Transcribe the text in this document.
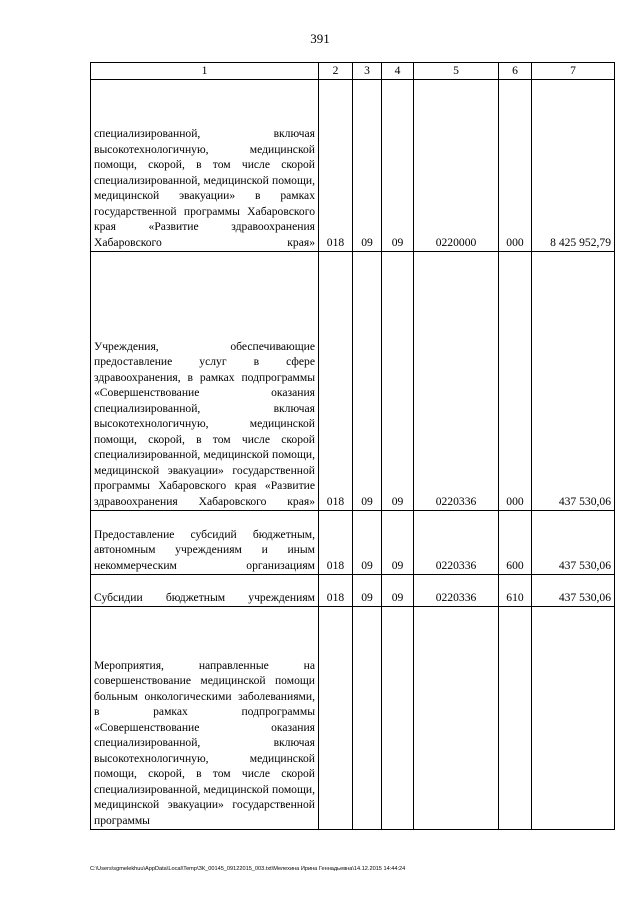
391
1	2	3	4	5	6	7
специализированной, включая высокотехнологичную, медицинской помощи, скорой, в том числе скорой специализированной, медицинской помощи, медицинской эвакуации» в рамках государственной программы Хабаровского края «Развитие здравоохранения Хабаровского края»	018	09	09	0220000	000	8 425 952,79
Учреждения, обеспечивающие предоставление услуг в сфере здравоохранения, в рамках подпрограммы «Совершенствование оказания специализированной, включая высокотехнологичную, медицинской помощи, скорой, в том числе скорой специализированной, медицинской помощи, медицинской эвакуации» государственной программы Хабаровского края «Развитие здравоохранения Хабаровского края»	018	09	09	0220336	000	437 530,06
Предоставление субсидий бюджетным, автономным учреждениям и иным некоммерческим организациям	018	09	09	0220336	600	437 530,06
Субсидии бюджетным учреждениям	018	09	09	0220336	610	437 530,06
Мероприятия, направленные на совершенствование медицинской помощи больным онкологическими заболеваниями, в рамках подпрограммы «Совершенствование оказания специализированной, включая высокотехнологичную, медицинской помощи, скорой, в том числе скорой специализированной, медицинской помощи, медицинской эвакуации» государственной программы						
C:\Users\sgmelekhuu\AppData\Local\Temp\ЗК_00145_09122015_003.txt\Мелехина Ирина Геннадьевна\14.12.2015 14:44:24
